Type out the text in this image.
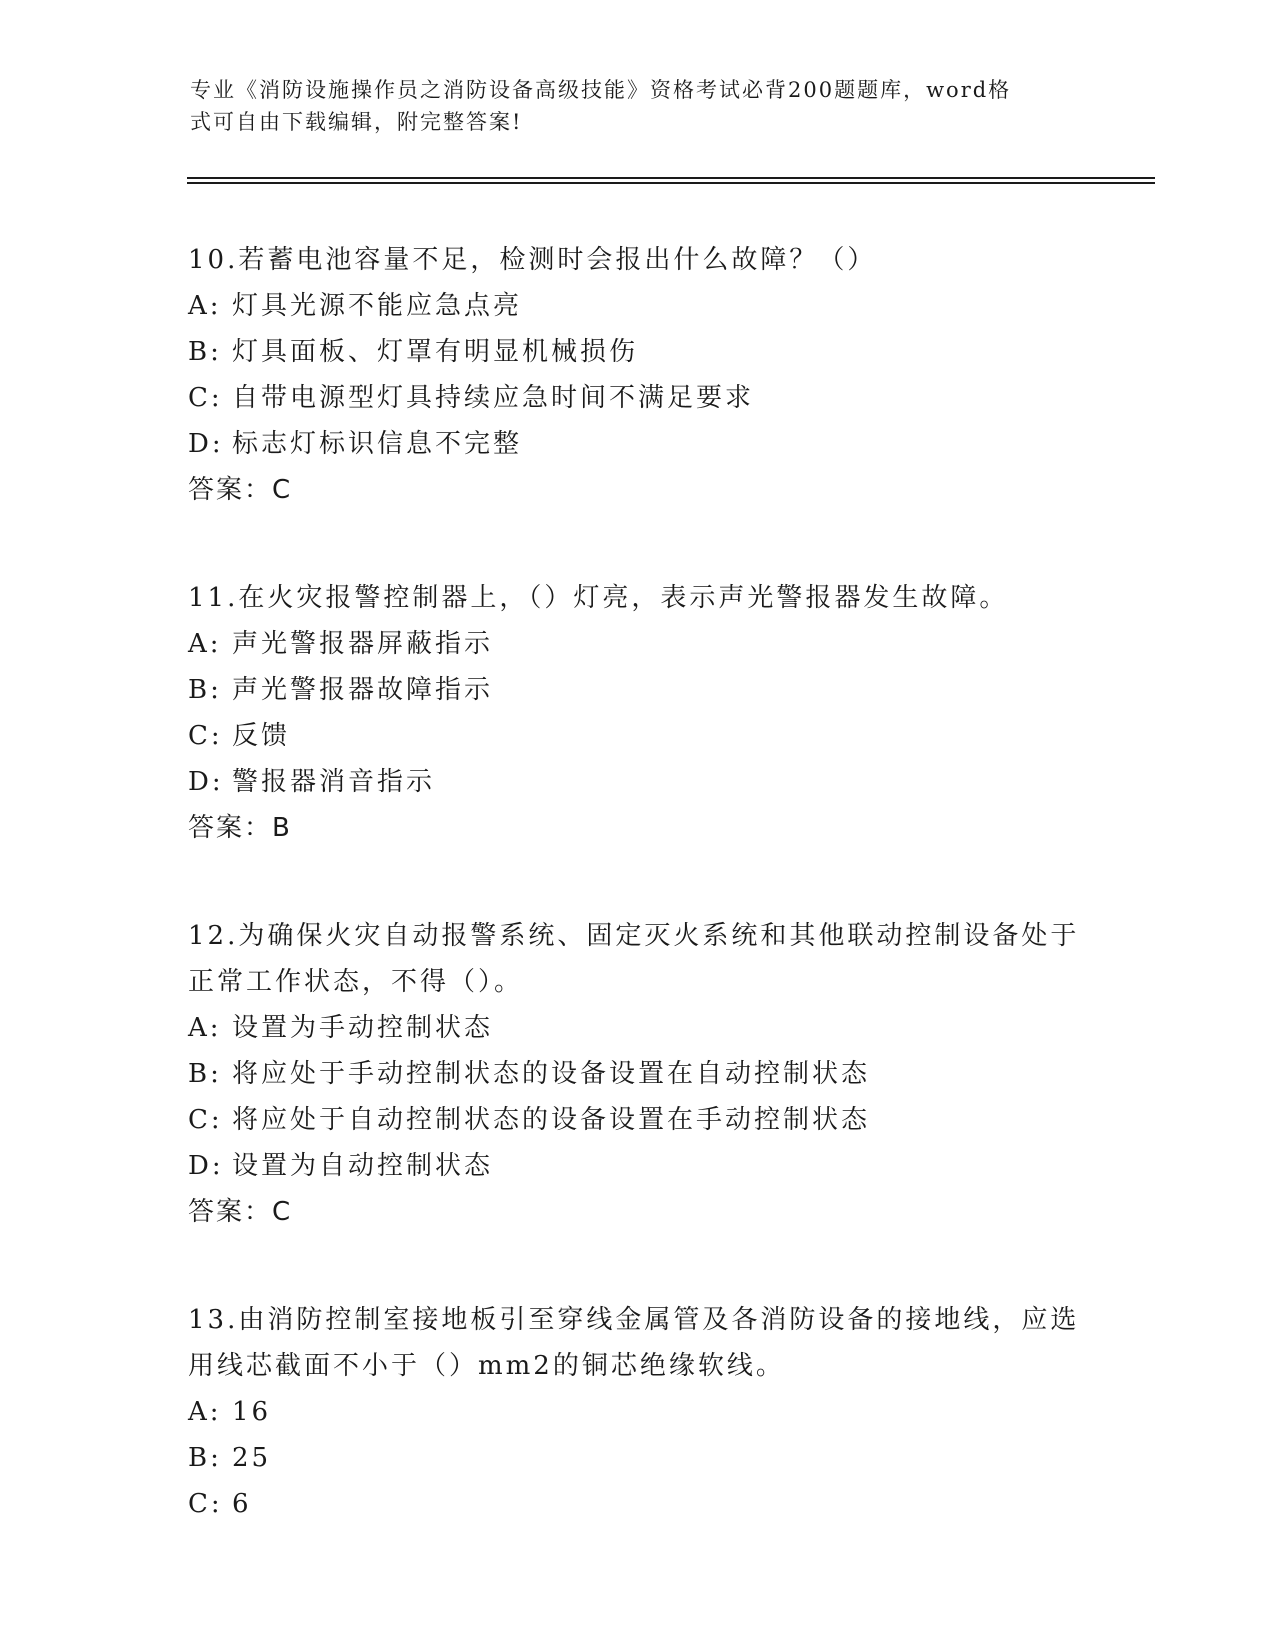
专业《消防设施操作员之消防设备高级技能》资格考试必背200题题库，word格
式可自由下载编辑，附完整答案!
10.若蓄电池容量不足，检测时会报出什么故障？（）
A: 灯具光源不能应急点亮
B: 灯具面板、灯罩有明显机械损伤
C: 自带电源型灯具持续应急时间不满足要求
D: 标志灯标识信息不完整
答案：C
11.在火灾报警控制器上，（）灯亮，表示声光警报器发生故障。
A: 声光警报器屏蔽指示
B: 声光警报器故障指示
C: 反馈
D: 警报器消音指示
答案：B
12.为确保火灾自动报警系统、固定灭火系统和其他联动控制设备处于
正常工作状态，不得（）。
A: 设置为手动控制状态
B: 将应处于手动控制状态的设备设置在自动控制状态
C: 将应处于自动控制状态的设备设置在手动控制状态
D: 设置为自动控制状态
答案：C
13.由消防控制室接地板引至穿线金属管及各消防设备的接地线，应选
用线芯截面不小于（）mm2的铜芯绝缘软线。
A: 16
B: 25
C: 6
